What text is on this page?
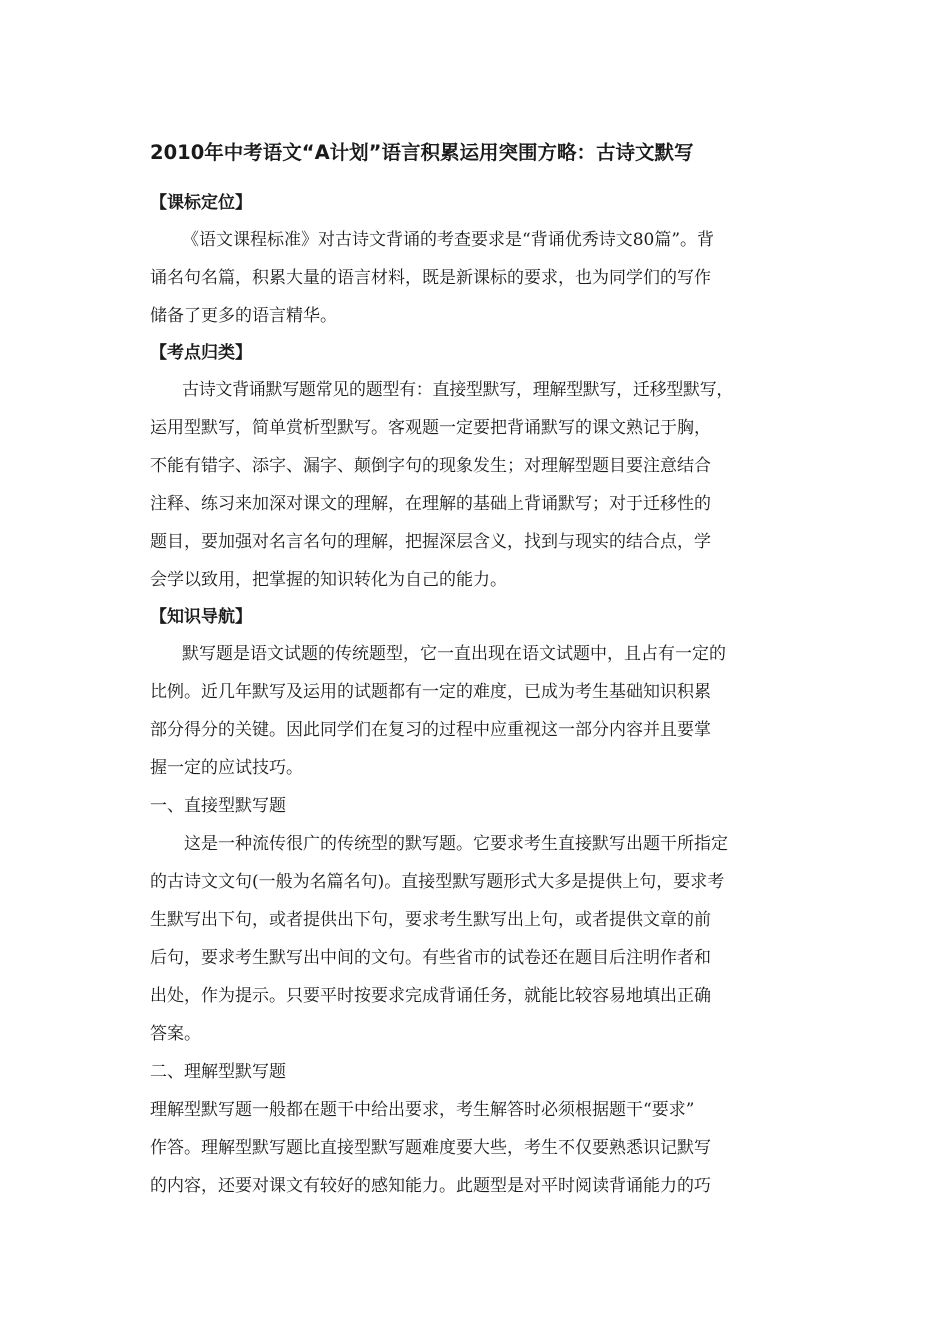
2010年中考语文“A计划”语言积累运用突围方略：古诗文默写
【课标定位】
《语文课程标准》对古诗文背诵的考查要求是“背诵优秀诗文80篇”。背
诵名句名篇，积累大量的语言材料，既是新课标的要求，也为同学们的写作
储备了更多的语言精华。
【考点归类】
古诗文背诵默写题常见的题型有：直接型默写，理解型默写，迁移型默写，
运用型默写，简单赏析型默写。客观题一定要把背诵默写的课文熟记于胸，
不能有错字、添字、漏字、颠倒字句的现象发生；对理解型题目要注意结合
注释、练习来加深对课文的理解，在理解的基础上背诵默写；对于迁移性的
题目，要加强对名言名句的理解，把握深层含义，找到与现实的结合点，学
会学以致用，把掌握的知识转化为自己的能力。
【知识导航】
默写题是语文试题的传统题型，它一直出现在语文试题中，且占有一定的
比例。近几年默写及运用的试题都有一定的难度，已成为考生基础知识积累
部分得分的关键。因此同学们在复习的过程中应重视这一部分内容并且要掌
握一定的应试技巧。
一、直接型默写题
这是一种流传很广的传统型的默写题。它要求考生直接默写出题干所指定
的古诗文文句(一般为名篇名句)。直接型默写题形式大多是提供上句，要求考
生默写出下句，或者提供出下句，要求考生默写出上句，或者提供文章的前
后句，要求考生默写出中间的文句。有些省市的试卷还在题目后注明作者和
出处，作为提示。只要平时按要求完成背诵任务，就能比较容易地填出正确
答案。
二、理解型默写题
理解型默写题一般都在题干中给出要求，考生解答时必须根据题干“要求”
作答。理解型默写题比直接型默写题难度要大些，考生不仅要熟悉识记默写
的内容，还要对课文有较好的感知能力。此题型是对平时阅读背诵能力的巧
